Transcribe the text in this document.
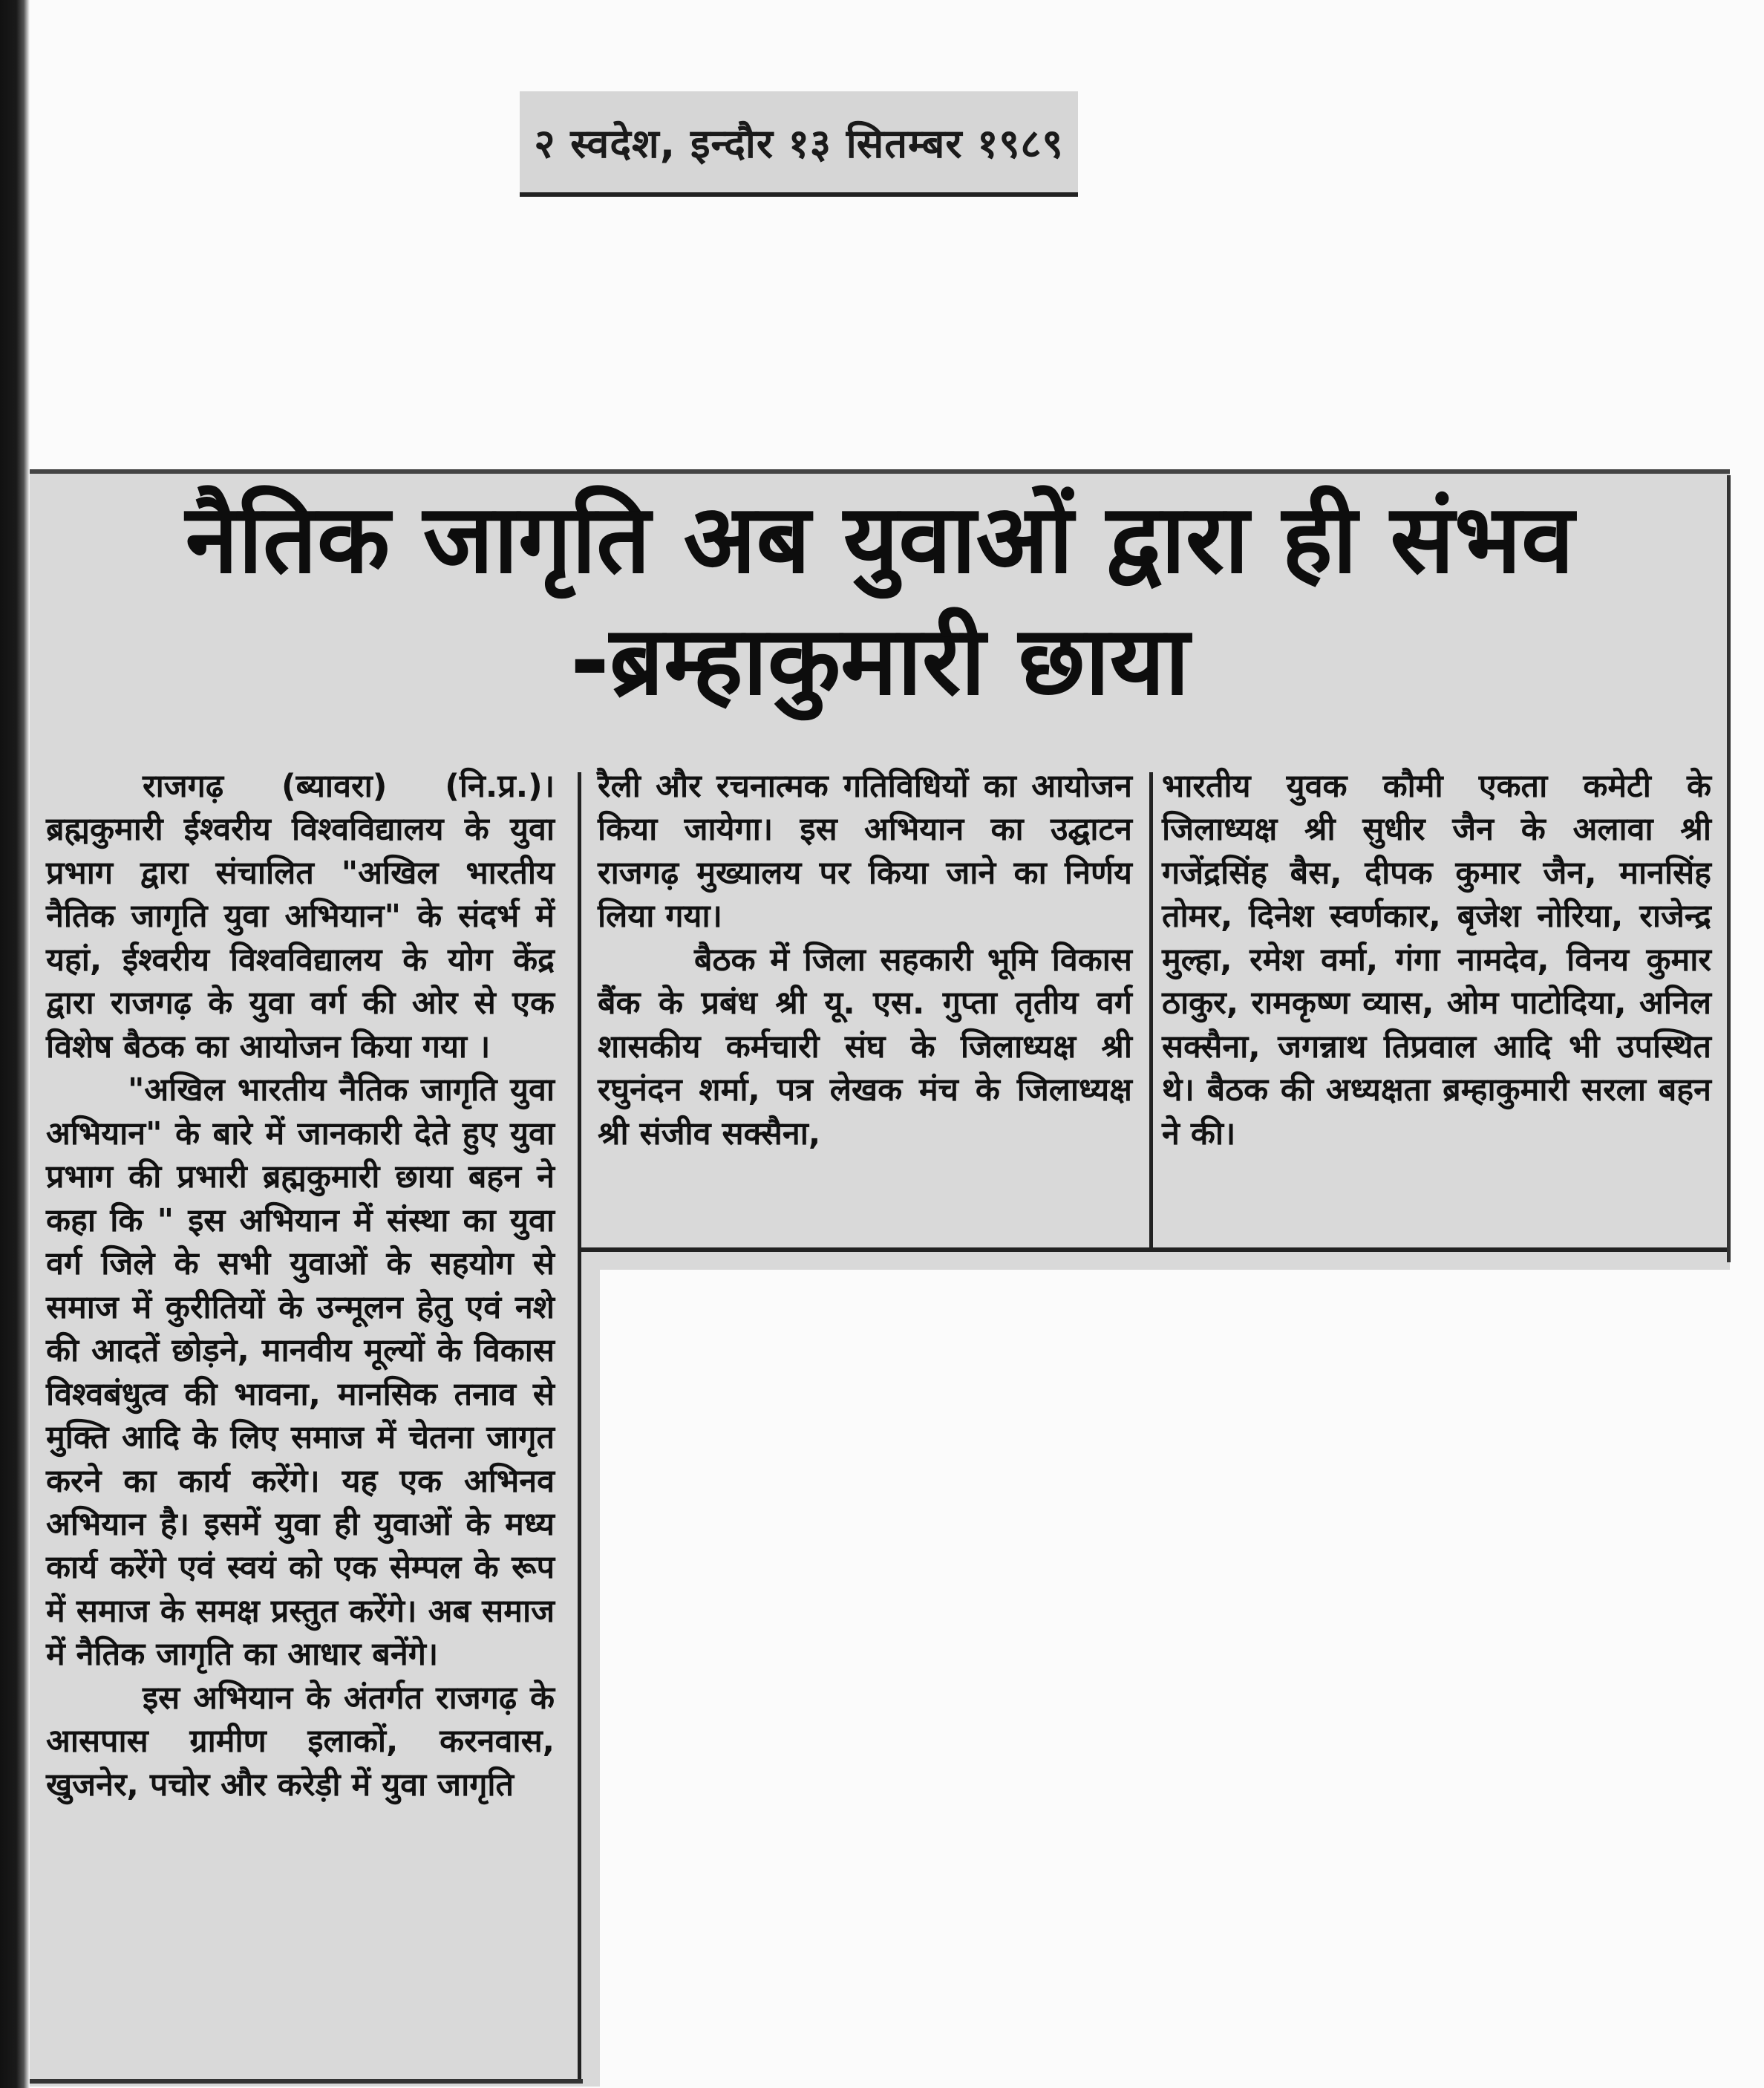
२ स्वदेश, इन्दौर १३ सितम्बर १९८९
नैतिक जागृति अब युवाओं द्वारा ही संभव
-ब्रम्हाकुमारी छाया

राजगढ़ (ब्यावरा) (नि.प्र.)। ब्रह्मकुमारी ईश्वरीय विश्वविद्यालय के युवा प्रभाग द्वारा संचालित "अखिल भारतीय नैतिक जागृति युवा अभियान" के संदर्भ में यहां, ईश्वरीय विश्वविद्यालय के योग केंद्र द्वारा राजगढ़ के युवा वर्ग की ओर से एक विशेष बैठक का आयोजन किया गया ।

"अखिल भारतीय नैतिक जागृति युवा अभियान" के बारे में जानकारी देते हुए युवा प्रभाग की प्रभारी ब्रह्मकुमारी छाया बहन ने कहा कि " इस अभियान में संस्था का युवा वर्ग जिले के सभी युवाओं के सहयोग से समाज में कुरीतियों के उन्मूलन हेतु एवं नशे की आदतें छोड़ने, मानवीय मूल्यों के विकास विश्वबंधुत्व की भावना, मानसिक तनाव से मुक्ति आदि के लिए समाज में चेतना जागृत करने का कार्य करेंगे। यह एक अभिनव अभियान है। इसमें युवा ही युवाओं के मध्य कार्य करेंगे एवं स्वयं को एक सेम्पल के रूप में समाज के समक्ष प्रस्तुत करेंगे। अब समाज में नैतिक जागृति का आधार बनेंगे।

इस अभियान के अंतर्गत राजगढ़ के आसपास ग्रामीण इलाकों, करनवास, खुजनेर, पचोर और करेड़ी में युवा जागृति

रैली और रचनात्मक गतिविधियों का आयोजन किया जायेगा। इस अभियान का उद्घाटन राजगढ़ मुख्यालय पर किया जाने का निर्णय लिया गया।

बैठक में जिला सहकारी भूमि विकास बैंक के प्रबंध श्री यू. एस. गुप्ता तृतीय वर्ग शासकीय कर्मचारी संघ के जिलाध्यक्ष श्री रघुनंदन शर्मा, पत्र लेखक मंच के जिलाध्यक्ष श्री संजीव सक्सैना,

भारतीय युवक कौमी एकता कमेटी के जिलाध्यक्ष श्री सुधीर जैन के अलावा श्री गजेंद्रसिंह बैस, दीपक कुमार जैन, मानसिंह तोमर, दिनेश स्वर्णकार, बृजेश नोरिया, राजेन्द्र मुल्हा, रमेश वर्मा, गंगा नामदेव, विनय कुमार ठाकुर, रामकृष्ण व्यास, ओम पाटोदिया, अनिल सक्सैना, जगन्नाथ तिप्रवाल आदि भी उपस्थित थे। बैठक की अध्यक्षता ब्रम्हाकुमारी सरला बहन ने की।
